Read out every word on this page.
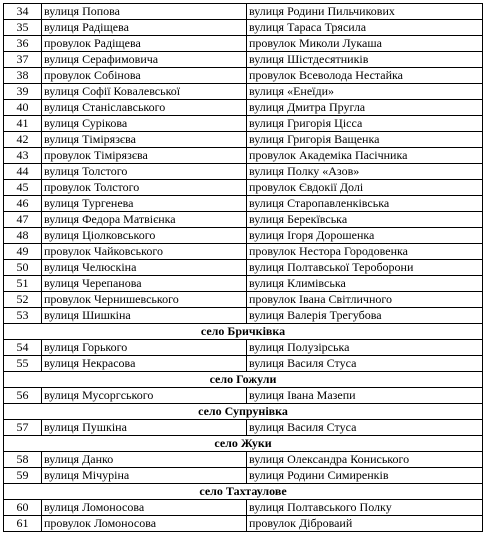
34	вулиця Попова	вулиця Родини Пильчикових
35	вулиця Радіщева	вулиця Тараса Трясила
36	провулок Радіщева	провулок Миколи Лукаша
37	вулиця Серафимовича	вулиця Шістдесятників
38	провулок Собінова	провулок Всеволода Нестайка
39	вулиця Софії Ковалевської	вулиця «Енеїди»
40	вулиця Станіславського	вулиця Дмитра Пругла
41	вулиця Сурікова	вулиця Григорія Цісса
42	вулиця Тімірязєва	вулиця Григорія Ващенка
43	провулок Тімірязєва	провулок Академіка Пасічника
44	вулиця Толстого	вулиця Полку «Азов»
45	провулок Толстого	провулок Євдокії Долі
46	вулиця Тургенева	вулиця Старопавленківська
47	вулиця Федора Матвієнка	вулиця Берекївська
48	вулиця Ціолковського	вулиця Ігоря Дорошенка
49	провулок Чайковського	провулок Нестора Городовенка
50	вулиця Челюскіна	вулиця Полтавської Тероборони
51	вулиця Черепанова	вулиця Климівська
52	провулок Чернишевського	провулок Івана Світличного
53	вулиця Шишкіна	вулиця Валерія Трегубова
село Бричківка		
54	вулиця Горького	вулиця Полузірська
55	вулиця Некрасова	вулиця Василя Стуса
село Гожули		
56	вулиця Мусоргського	вулиця Івана Мазепи
село Супрунівка		
57	вулиця Пушкіна	вулиця Василя Стуса
село Жуки		
58	вулиця Данко	вулиця Олександра Кониського
59	вулиця Мічуріна	вулиця Родини Симиренків
село Тахтаулове		
60	вулиця Ломоносова	вулиця Полтавського Полку
61	провулок Ломоносова	провулок Діброваий
